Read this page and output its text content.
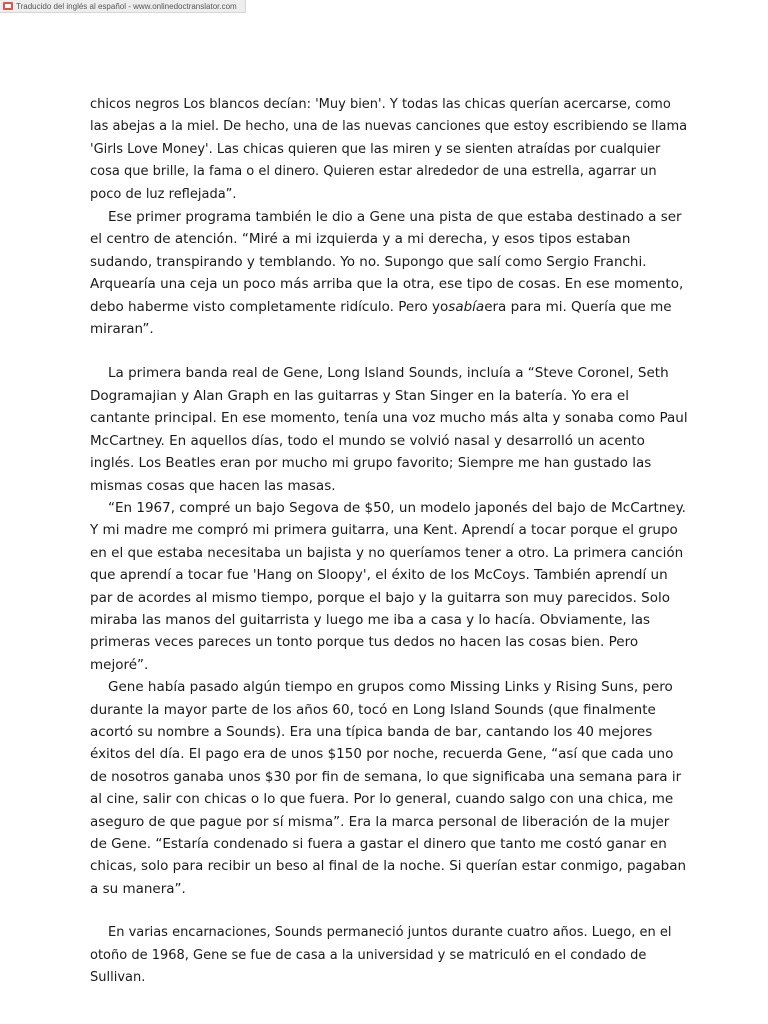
Traducido del inglés al español - www.onlinedoctranslator.com

chicos negros Los blancos decían: 'Muy bien'. Y todas las chicas querían acercarse, como las abejas a la miel. De hecho, una de las nuevas canciones que estoy escribiendo se llama 'Girls Love Money'. Las chicas quieren que las miren y se sienten atraídas por cualquier cosa que brille, la fama o el dinero. Quieren estar alrededor de una estrella, agarrar un poco de luz reflejada”.

Ese primer programa también le dio a Gene una pista de que estaba destinado a ser el centro de atención. “Miré a mi izquierda y a mi derecha, y esos tipos estaban sudando, transpirando y temblando. Yo no. Supongo que salí como Sergio Franchi. Arquearía una ceja un poco más arriba que la otra, ese tipo de cosas. En ese momento, debo haberme visto completamente ridículo. Pero yosabíaera para mi. Quería que me miraran”.

La primera banda real de Gene, Long Island Sounds, incluía a “Steve Coronel, Seth Dogramajian y Alan Graph en las guitarras y Stan Singer en la batería. Yo era el cantante principal. En ese momento, tenía una voz mucho más alta y sonaba como Paul McCartney. En aquellos días, todo el mundo se volvió nasal y desarrolló un acento inglés. Los Beatles eran por mucho mi grupo favorito; Siempre me han gustado las mismas cosas que hacen las masas.

“En 1967, compré un bajo Segova de $50, un modelo japonés del bajo de McCartney. Y mi madre me compró mi primera guitarra, una Kent. Aprendí a tocar porque el grupo en el que estaba necesitaba un bajista y no queríamos tener a otro. La primera canción que aprendí a tocar fue 'Hang on Sloopy', el éxito de los McCoys. También aprendí un par de acordes al mismo tiempo, porque el bajo y la guitarra son muy parecidos. Solo miraba las manos del guitarrista y luego me iba a casa y lo hacía. Obviamente, las primeras veces pareces un tonto porque tus dedos no hacen las cosas bien. Pero mejoré”.

Gene había pasado algún tiempo en grupos como Missing Links y Rising Suns, pero durante la mayor parte de los años 60, tocó en Long Island Sounds (que finalmente acortó su nombre a Sounds). Era una típica banda de bar, cantando los 40 mejores éxitos del día. El pago era de unos $150 por noche, recuerda Gene, “así que cada uno de nosotros ganaba unos $30 por fin de semana, lo que significaba una semana para ir al cine, salir con chicas o lo que fuera. Por lo general, cuando salgo con una chica, me aseguro de que pague por sí misma”. Era la marca personal de liberación de la mujer de Gene. “Estaría condenado si fuera a gastar el dinero que tanto me costó ganar en chicas, solo para recibir un beso al final de la noche. Si querían estar conmigo, pagaban a su manera”.

En varias encarnaciones, Sounds permaneció juntos durante cuatro años. Luego, en el otoño de 1968, Gene se fue de casa a la universidad y se matriculó en el condado de Sullivan.
